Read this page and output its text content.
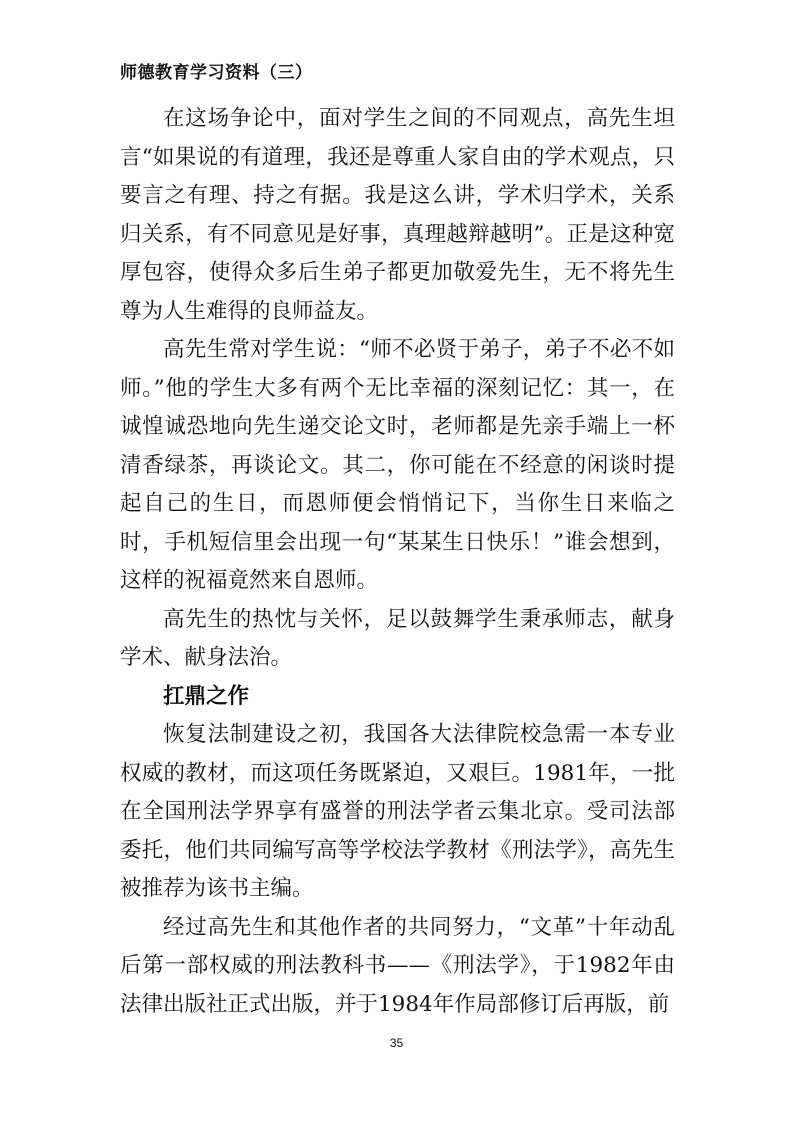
师德教育学习资料（三）

在这场争论中，面对学生之间的不同观点，高先生坦言“如果说的有道理，我还是尊重人家自由的学术观点，只要言之有理、持之有据。我是这么讲，学术归学术，关系归关系，有不同意见是好事，真理越辩越明”。正是这种宽厚包容，使得众多后生弟子都更加敬爱先生，无不将先生尊为人生难得的良师益友。

高先生常对学生说：“师不必贤于弟子，弟子不必不如师。”他的学生大多有两个无比幸福的深刻记忆：其一，在诚惶诚恐地向先生递交论文时，老师都是先亲手端上一杯清香绿茶，再谈论文。其二，你可能在不经意的闲谈时提起自己的生日，而恩师便会悄悄记下，当你生日来临之时，手机短信里会出现一句“某某生日快乐！”谁会想到，这样的祝福竟然来自恩师。

高先生的热忱与关怀，足以鼓舞学生秉承师志，献身学术、献身法治。

扛鼎之作

恢复法制建设之初，我国各大法律院校急需一本专业权威的教材，而这项任务既紧迫，又艰巨。1981年，一批在全国刑法学界享有盛誉的刑法学者云集北京。受司法部委托，他们共同编写高等学校法学教材《刑法学》，高先生被推荐为该书主编。

经过高先生和其他作者的共同努力，“文革”十年动乱后第一部权威的刑法教科书——《刑法学》，于1982年由法律出版社正式出版，并于1984年作局部修订后再版，前

35
